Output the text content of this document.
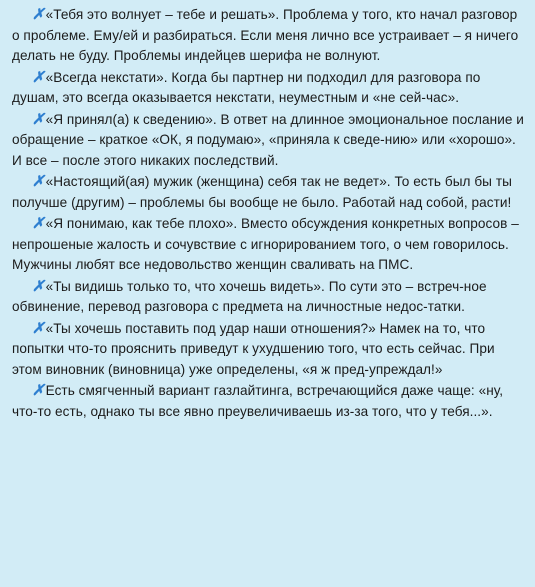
✗«Тебя это волнует – тебе и решать». Проблема у того, кто начал разговор о проблеме. Ему/ей и разбираться. Если меня лично все устраивает – я ничего делать не буду. Проблемы индейцев шерифа не волнуют.

✗«Всегда некстати». Когда бы партнер ни подходил для разговора по душам, это всегда оказывается некстати, неуместным и «не сей-час».

✗«Я принял(а) к сведению». В ответ на длинное эмоциональное послание и обращение – краткое «ОК, я подумаю», «приняла к сведе-нию» или «хорошо». И все – после этого никаких последствий.

✗«Настоящий(ая) мужик (женщина) себя так не ведет». То есть был бы ты получше (другим) – проблемы бы вообще не было. Работай над собой, расти!

✗«Я понимаю, как тебе плохо». Вместо обсуждения конкретных вопросов – непрошеные жалость и сочувствие с игнорированием того, о чем говорилось. Мужчины любят все недовольство женщин сваливать на ПМС.

✗«Ты видишь только то, что хочешь видеть». По сути это – встреч-ное обвинение, перевод разговора с предмета на личностные недос-татки.

✗«Ты хочешь поставить под удар наши отношения?» Намек на то, что попытки что-то прояснить приведут к ухудшению того, что есть сейчас. При этом виновник (виновница) уже определены, «я ж пред-упреждал!»

✗Есть смягченный вариант газлайтинга, встречающийся даже чаще: «ну, что-то есть, однако ты все явно преувеличиваешь из-за того, что у тебя...».
